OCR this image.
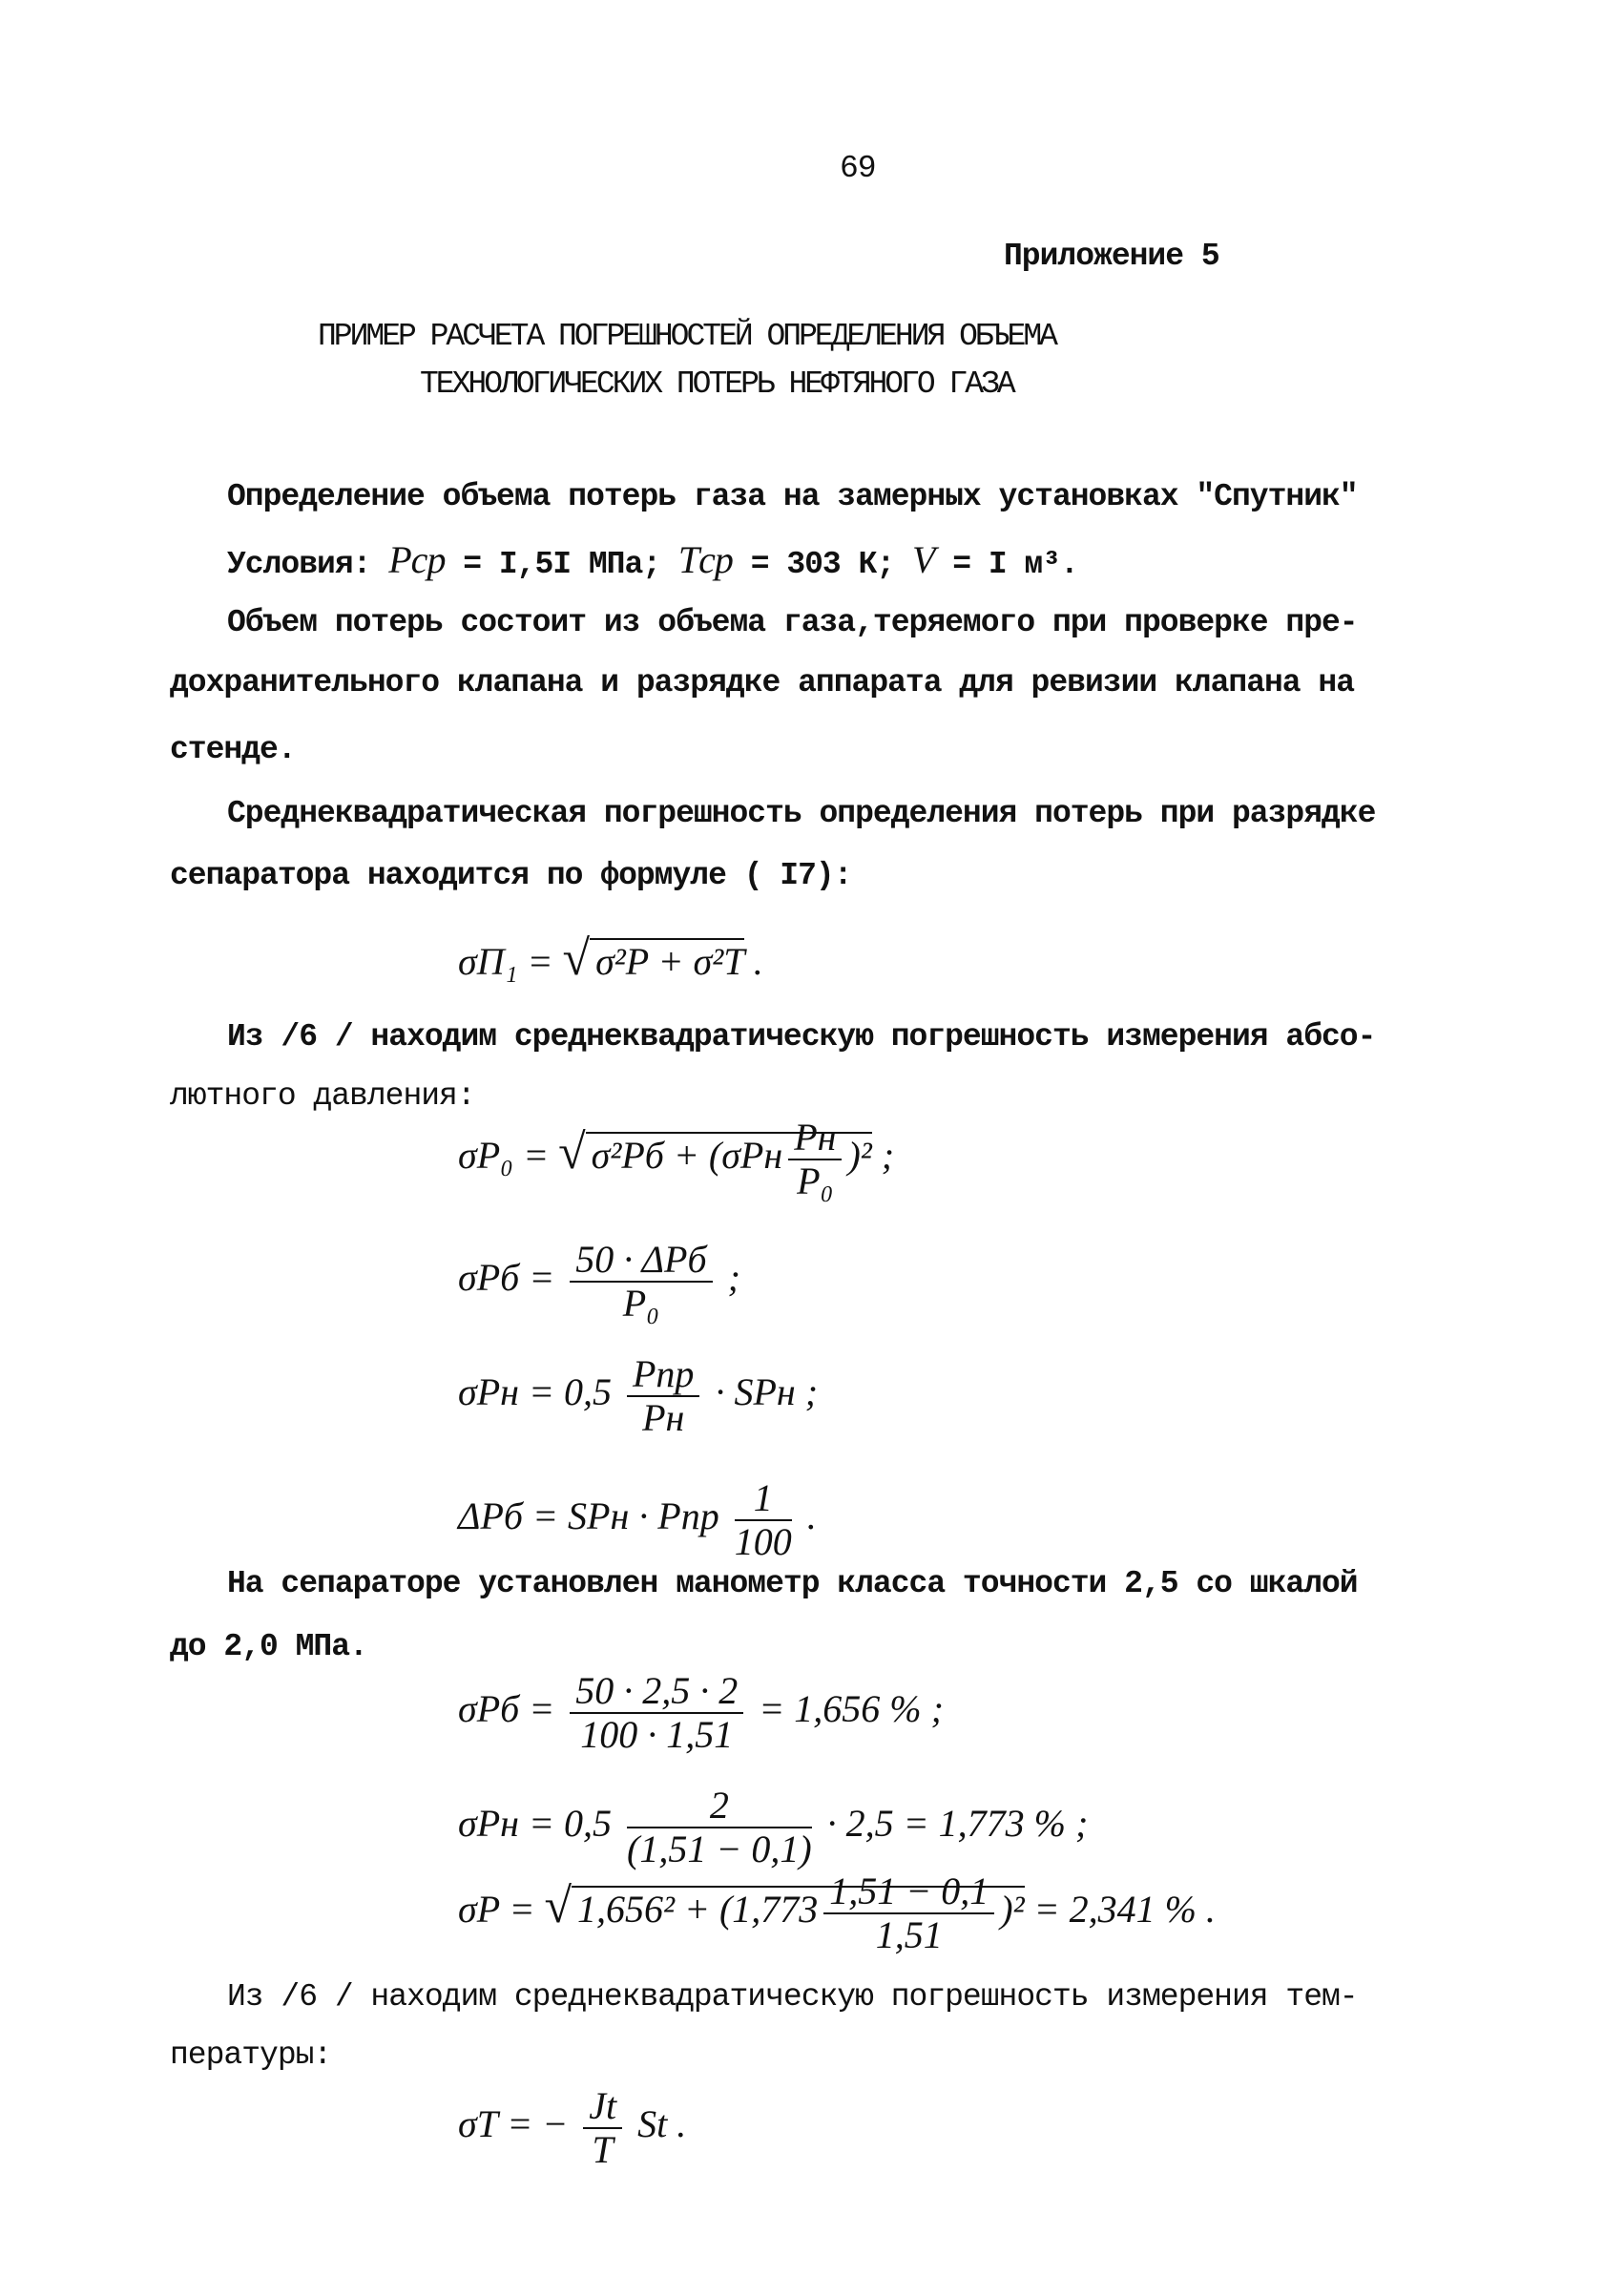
69
Приложение 5
ПРИМЕР РАСЧЕТА ПОГРЕШНОСТЕЙ ОПРЕДЕЛЕНИЯ ОБЪЕМА
ТЕХНОЛОГИЧЕСКИХ ПОТЕРЬ НЕФТЯНОГО ГАЗА
Определение объема потерь газа на замерных установках "Спутник"
Условия: Pср = I,5I МПа; Tср = 303 К; V = I м³.
Объем потерь состоит из объема газа,теряемого при проверке пре-
дохранительного клапана и разрядке аппарата для ревизии клапана на
стенде.
Среднеквадратическая погрешность определения потерь при разрядке
сепаратора находится по формуле ( I7):
σП₁ = √ σ²P + σ²T .
Из /6 / находим среднеквадратическую погрешность измерения абсо-
лютного давления:
σP₀ = √ σ²Pб + (σPн Pн
P₀
)² ;
σPб = 50 · ΔPб
P₀
;
σPн = 0,5 Pпр
Pн
· SPн ;
ΔPб = SPн · Pпр $\frac{1}{100}$ .
На сепараторе установлен манометр класса точности 2,5 со шкалой
до 2,0 МПа.
$\sigma Pб = \frac{50 \cdot 2,5 \cdot 2}{100 \cdot 1,51} = 1,656$ % ;
$\sigma Pн = 0,5 \frac{2}{(1,51 - 0,1)} \cdot 2,5 = 1,773$ % ;
σP = √ $1,656^2 + (1,773 \frac{1,51 - 0,1}{1,51} )^2 = 2,341$ % .
Из /6 / находим среднеквадратическую погрешность измерения тем-
пературы:
σT = − $\frac{Jt}{T}$ St .
